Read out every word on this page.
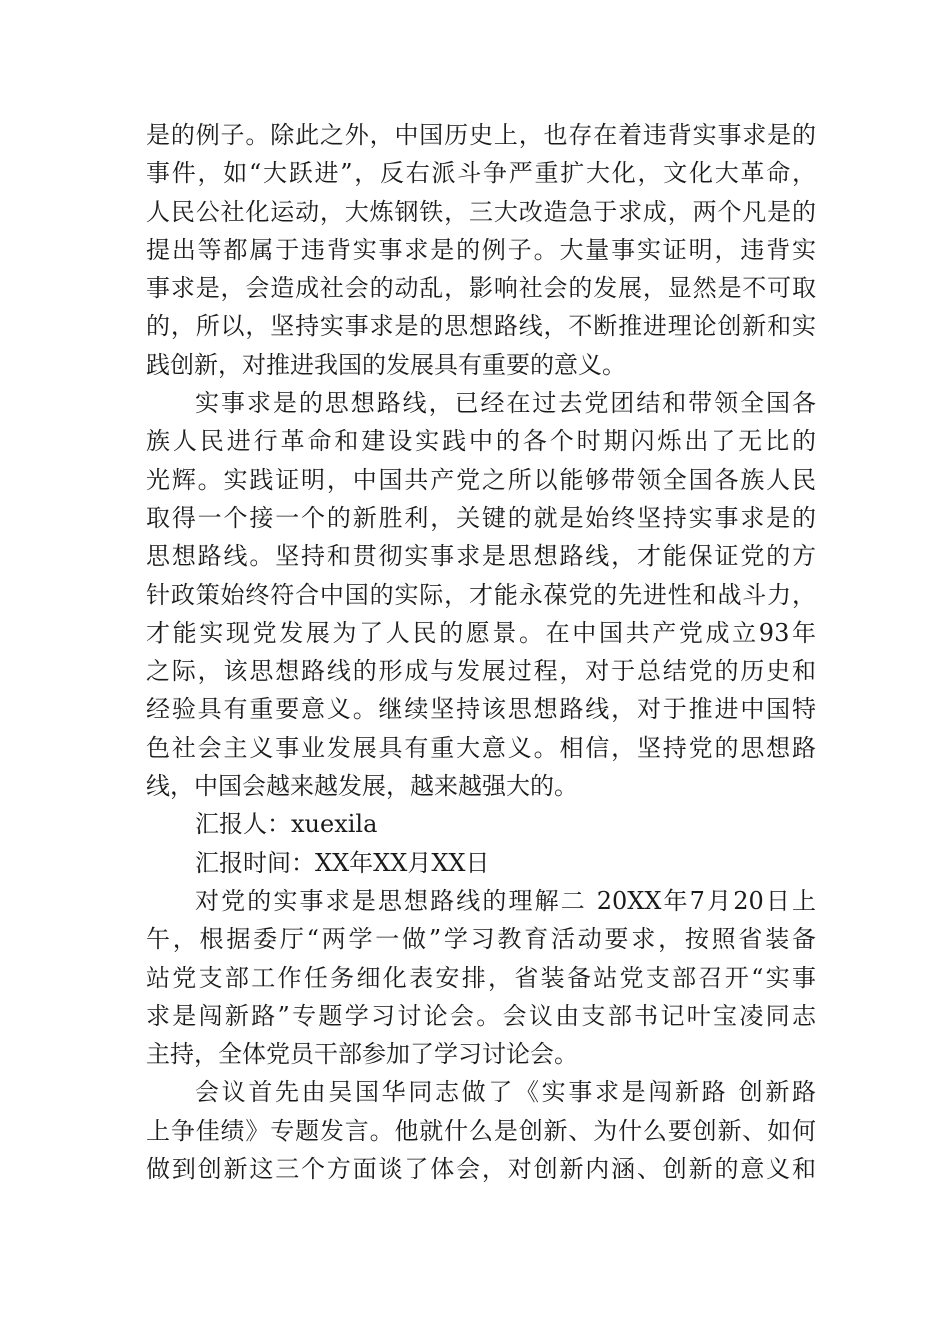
是的例子。除此之外，中国历史上，也存在着违背实事求是的
事件，如“大跃进”，反右派斗争严重扩大化，文化大革命，
人民公社化运动，大炼钢铁，三大改造急于求成，两个凡是的
提出等都属于违背实事求是的例子。大量事实证明，违背实
事求是，会造成社会的动乱，影响社会的发展，显然是不可取
的，所以，坚持实事求是的思想路线，不断推进理论创新和实
践创新，对推进我国的发展具有重要的意义。
实事求是的思想路线，已经在过去党团结和带领全国各
族人民进行革命和建设实践中的各个时期闪烁出了无比的
光辉。实践证明，中国共产党之所以能够带领全国各族人民
取得一个接一个的新胜利，关键的就是始终坚持实事求是的
思想路线。坚持和贯彻实事求是思想路线，才能保证党的方
针政策始终符合中国的实际，才能永葆党的先进性和战斗力，
才能实现党发展为了人民的愿景。在中国共产党成立93年
之际，该思想路线的形成与发展过程，对于总结党的历史和
经验具有重要意义。继续坚持该思想路线，对于推进中国特
色社会主义事业发展具有重大意义。相信，坚持党的思想路
线，中国会越来越发展，越来越强大的。
汇报人：xuexila
汇报时间：XX年XX月XX日
对党的实事求是思想路线的理解二 20XX年7月20日上
午，根据委厅“两学一做”学习教育活动要求，按照省装备
站党支部工作任务细化表安排，省装备站党支部召开“实事
求是闯新路”专题学习讨论会。会议由支部书记叶宝凌同志
主持，全体党员干部参加了学习讨论会。
会议首先由吴国华同志做了《实事求是闯新路 创新路
上争佳绩》专题发言。他就什么是创新、为什么要创新、如何
做到创新这三个方面谈了体会，对创新内涵、创新的意义和
